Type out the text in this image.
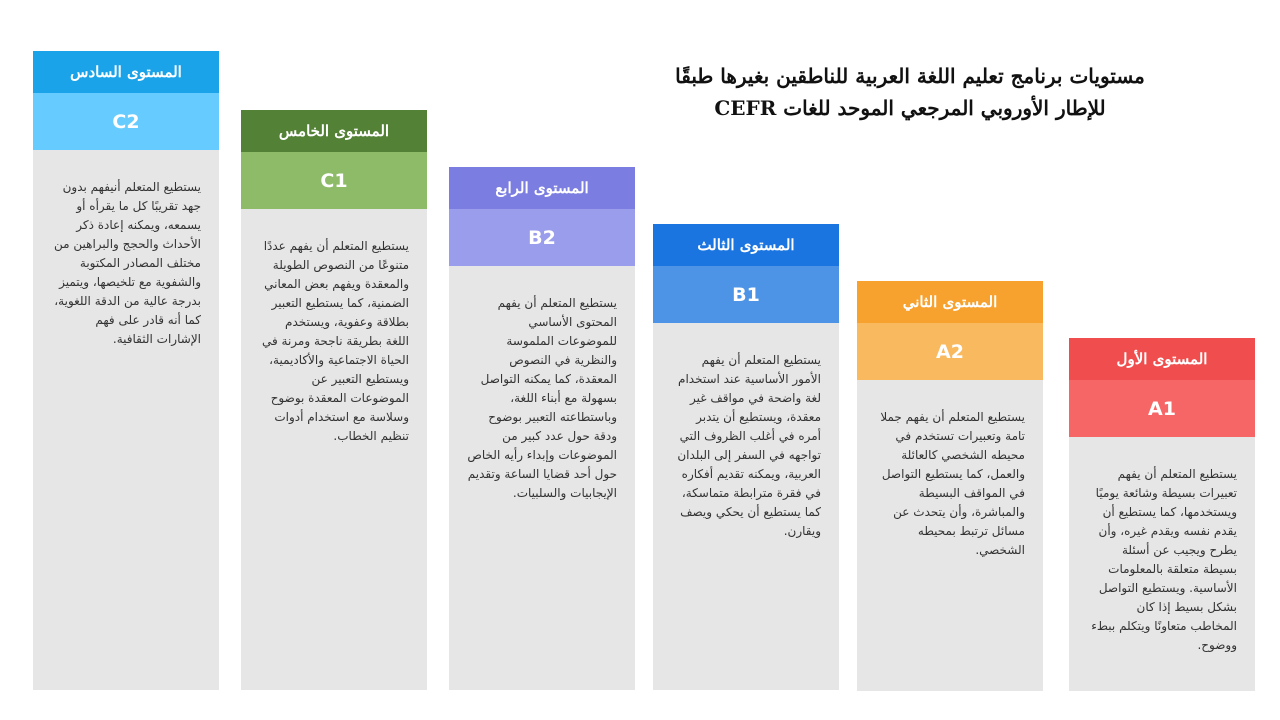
مستويات برنامج تعليم اللغة العربية للناطقين بغيرها طبقًا
للإطار الأوروبي المرجعي الموحد للغات CEFR
المستوى السادس
C2

يستطيع المتعلم أنيفهم بدون جهد تقريبًا كل ما يقرأه أو يسمعه، ويمكنه إعادة ذكر الأحداث والحجج والبراهين من مختلف المصادر المكتوبة والشفوية مع تلخيصها، ويتميز بدرجة عالية من الدقة اللغوية، كما أنه قادر على فهم الإشارات الثقافية.

المستوى الخامس
C1

يستطيع المتعلم أن يفهم عددًا متنوعًا من النصوص الطويلة والمعقدة ويفهم بعض المعاني الضمنية، كما يستطيع التعبير بطلاقة وعفوية، ويستخدم اللغة بطريقة ناجحة ومرنة في الحياة الاجتماعية والأكاديمية، ويستطيع التعبير عن الموضوعات المعقدة بوضوح وسلاسة مع استخدام أدوات تنظيم الخطاب.

المستوى الرابع
B2

يستطيع المتعلم أن يفهم المحتوى الأساسي للموضوعات الملموسة والنظرية في النصوص المعقدة، كما يمكنه التواصل بسهولة مع أبناء اللغة، وباستطاعته التعبير بوضوح ودقة حول عدد كبير من الموضوعات وإبداء رأيه الخاص حول أحد قضايا الساعة وتقديم الإيجابيات والسلبيات.

المستوى الثالث
B1

يستطيع المتعلم أن يفهم الأمور الأساسية عند استخدام لغة واضحة في مواقف غير معقدة، ويستطيع أن يتدبر أمره في أغلب الظروف التي تواجهه في السفر إلى البلدان العربية، ويمكنه تقديم أفكاره في فقرة مترابطة متماسكة، كما يستطيع أن يحكي ويصف ويقارن.

المستوى الثاني
A2

يستطيع المتعلم أن يفهم جملا تامة وتعبيرات تستخدم في محيطه الشخصي كالعائلة والعمل، كما يستطيع التواصل في المواقف البسيطة والمباشرة، وأن يتحدث عن مسائل ترتبط بمحيطه الشخصي.

المستوى الأول
A1

يستطيع المتعلم أن يفهم تعبيرات بسيطة وشائعة يوميًا ويستخدمها، كما يستطيع أن يقدم نفسه ويقدم غيره، وأن يطرح ويجيب عن أسئلة بسيطة متعلقة بالمعلومات الأساسية. ويستطيع التواصل بشكل بسيط إذا كان المخاطب متعاونًا ويتكلم ببطء ووضوح.
